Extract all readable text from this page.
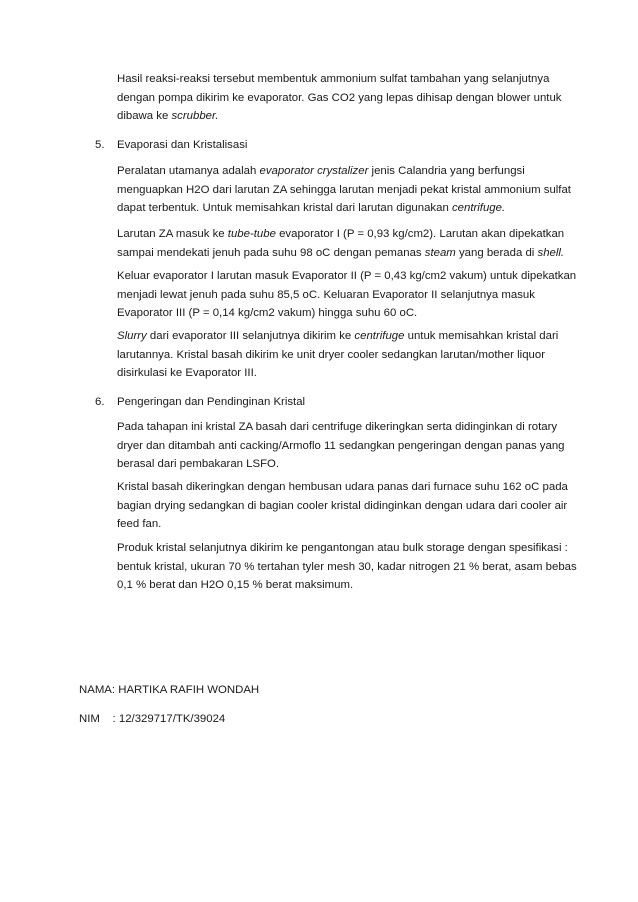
Hasil reaksi-reaksi tersebut membentuk ammonium sulfat tambahan yang selanjutnya
dengan pompa dikirim ke evaporator. Gas CO2 yang lepas dihisap dengan blower untuk
dibawa ke scrubber.

5. Evaporasi dan Kristalisasi

Peralatan utamanya adalah evaporator crystalizer jenis Calandria yang berfungsi
menguapkan H2O dari larutan ZA sehingga larutan menjadi pekat kristal ammonium sulfat
dapat terbentuk. Untuk memisahkan kristal dari larutan digunakan centrifuge.

Larutan ZA masuk ke tube-tube evaporator I (P = 0,93 kg/cm2). Larutan akan dipekatkan
sampai mendekati jenuh pada suhu 98 oC dengan pemanas steam yang berada di shell.

Keluar evaporator I larutan masuk Evaporator II (P = 0,43 kg/cm2 vakum) untuk dipekatkan
menjadi lewat jenuh pada suhu 85,5 oC. Keluaran Evaporator II selanjutnya masuk
Evaporator III (P = 0,14 kg/cm2 vakum) hingga suhu 60 oC.

Slurry dari evaporator III selanjutnya dikirim ke centrifuge untuk memisahkan kristal dari
larutannya. Kristal basah dikirim ke unit dryer cooler sedangkan larutan/mother liquor
disirkulasi ke Evaporator III.

6. Pengeringan dan Pendinginan Kristal

Pada tahapan ini kristal ZA basah dari centrifuge dikeringkan serta didinginkan di rotary
dryer dan ditambah anti cacking/Armoflo 11 sedangkan pengeringan dengan panas yang
berasal dari pembakaran LSFO.

Kristal basah dikeringkan dengan hembusan udara panas dari furnace suhu 162 oC pada
bagian drying sedangkan di bagian cooler kristal didinginkan dengan udara dari cooler air
feed fan.

Produk kristal selanjutnya dikirim ke pengantongan atau bulk storage dengan spesifikasi :
bentuk kristal, ukuran 70 % tertahan tyler mesh 30, kadar nitrogen 21 % berat, asam bebas
0,1 % berat dan H2O 0,15 % berat maksimum.

NAMA: HARTIKA RAFIH WONDAH
NIM    : 12/329717/TK/39024
